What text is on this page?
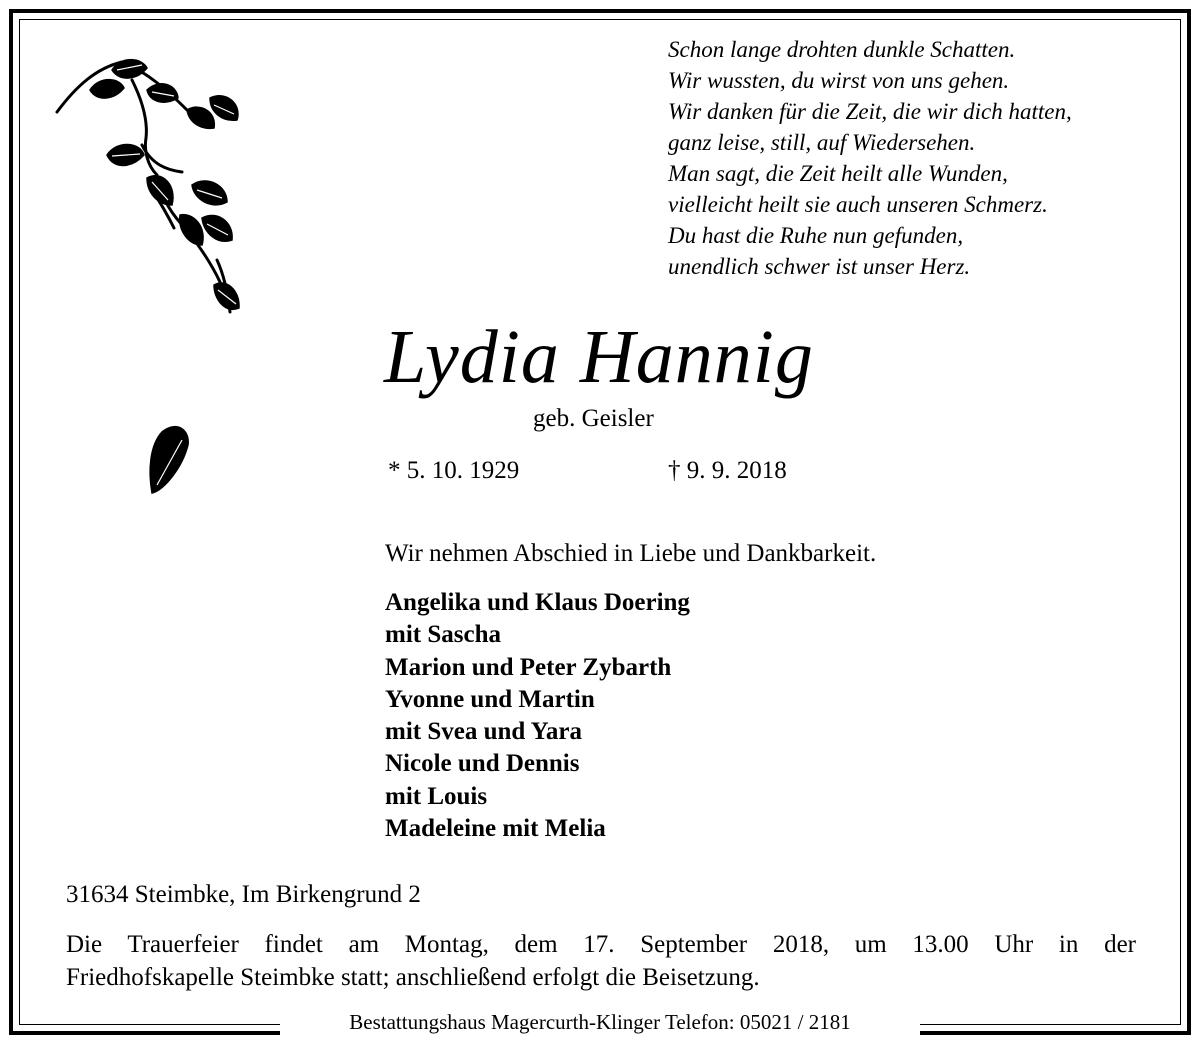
Schon lange drohten dunkle Schatten.
Wir wussten, du wirst von uns gehen.
Wir danken für die Zeit, die wir dich hatten,
ganz leise, still, auf Wiedersehen.
Man sagt, die Zeit heilt alle Wunden,
vielleicht heilt sie auch unseren Schmerz.
Du hast die Ruhe nun gefunden,
unendlich schwer ist unser Herz.
Lydia Hannig
geb. Geisler
* 5. 10. 1929	† 9. 9. 2018
Wir nehmen Abschied in Liebe und Dankbarkeit.
Angelika und Klaus Doering
mit Sascha
Marion und Peter Zybarth
Yvonne und Martin
mit Svea und Yara
Nicole und Dennis
mit Louis
Madeleine mit Melia
31634 Steimbke, Im Birkengrund 2
Die Trauerfeier findet am Montag, dem 17. September 2018, um 13.00 Uhr in der
Friedhofskapelle Steimbke statt; anschließend erfolgt die Beisetzung.
Bestattungshaus Magercurth-Klinger Telefon: 05021 / 2181
